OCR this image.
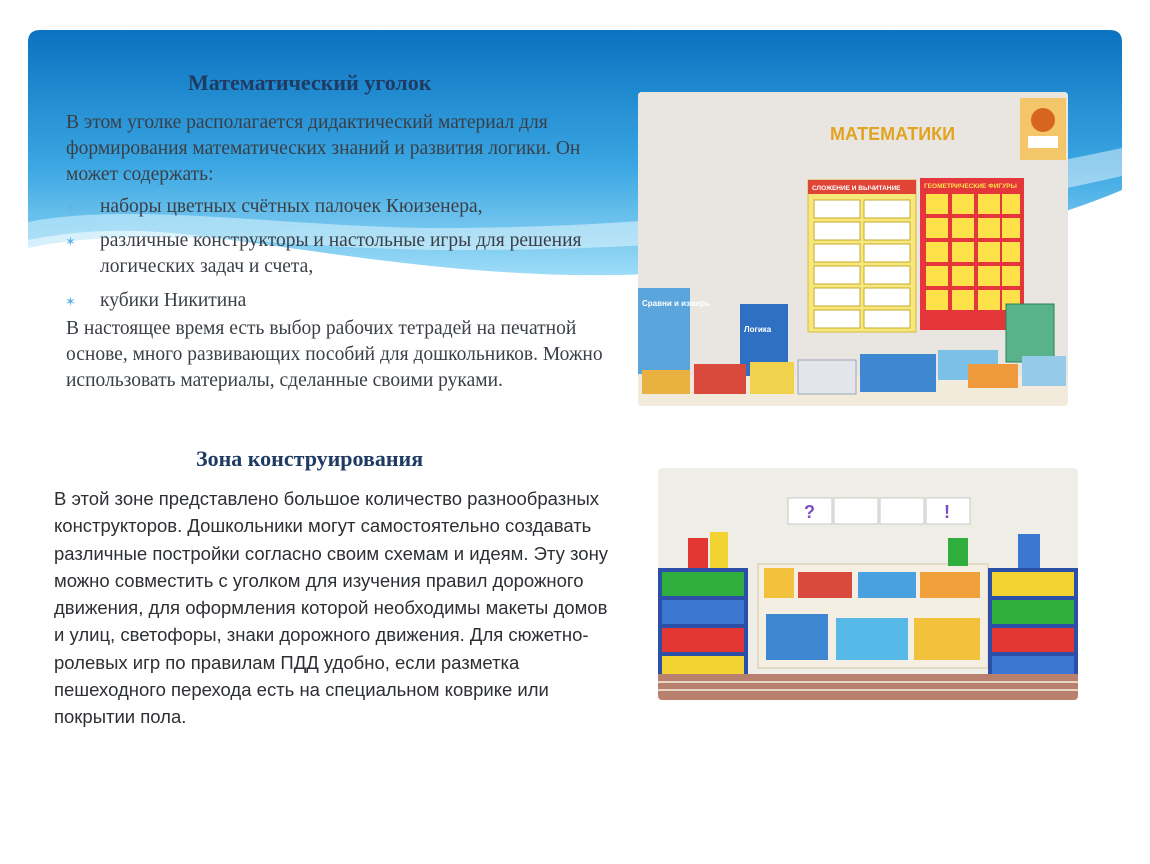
Математический уголок

В этом уголке располагается дидактический материал для формирования математических знаний и развития логики. Он может содержать:

✶ наборы цветных счётных палочек Кюизенера,
✶ различные конструкторы и настольные игры для решения логических задач и счета,
✶ кубики Никитина

В настоящее время есть выбор рабочих тетрадей на печатной основе, много развивающих пособий для дошкольников. Можно использовать материалы, сделанные своими руками.

Зона конструирования

В этой зоне представлено большое количество разнообразных конструкторов. Дошкольники могут самостоятельно создавать различные постройки согласно своим схемам и идеям. Эту зону можно совместить с уголком для изучения правил дорожного движения, для оформления которой необходимы макеты домов и улиц, светофоры, знаки дорожного движения. Для сюжетно-ролевых игр по правилам ПДД удобно, если разметка пешеходного перехода есть на специальном коврике или покрытии пола.

МАТЕМАТИКИ
СЛОЖЕНИЕ И ВЫЧИТАНИЕ	ГЕОМЕТРИЧЕСКИЕ ФИГУРЫ
Сравни и измерь
Логика
?	!
